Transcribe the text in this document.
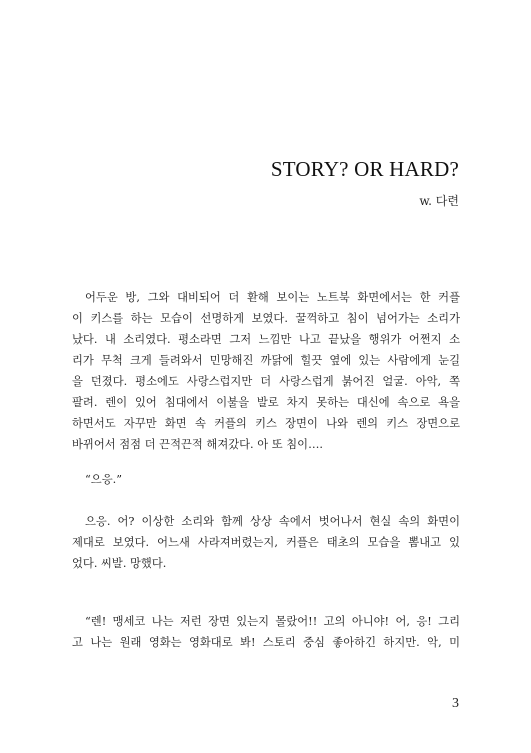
STORY? OR HARD?
w. 다련
어두운 방, 그와 대비되어 더 환해 보이는 노트북 화면에서는 한 커플
이 키스를 하는 모습이 선명하게 보였다. 꿀꺽하고 침이 넘어가는 소리가
났다. 내 소리였다. 평소라면 그저 느낌만 나고 끝났을 행위가 어쩐지 소
리가 무척 크게 들려와서 민망해진 까닭에 힐끗 옆에 있는 사람에게 눈길
을 던졌다. 평소에도 사랑스럽지만 더 사랑스럽게 붉어진 얼굴. 아악, 쪽
팔려. 렌이 있어 침대에서 이불을 발로 차지 못하는 대신에 속으로 욕을
하면서도 자꾸만 화면 속 커플의 키스 장면이 나와 렌의 키스 장면으로
바뀌어서 점점 더 끈적끈적 해져갔다. 아 또 침이….
“으응.”
으응. 어? 이상한 소리와 함께 상상 속에서 벗어나서 현실 속의 화면이
제대로 보였다. 어느새 사라져버렸는지, 커플은 태초의 모습을 뽐내고 있
었다. 씨발. 망했다.
“렌! 맹세코 나는 저런 장면 있는지 몰랐어!! 고의 아니야! 어, 응! 그리
고 나는 원래 영화는 영화대로 봐! 스토리 중심 좋아하긴 하지만. 악, 미
3
